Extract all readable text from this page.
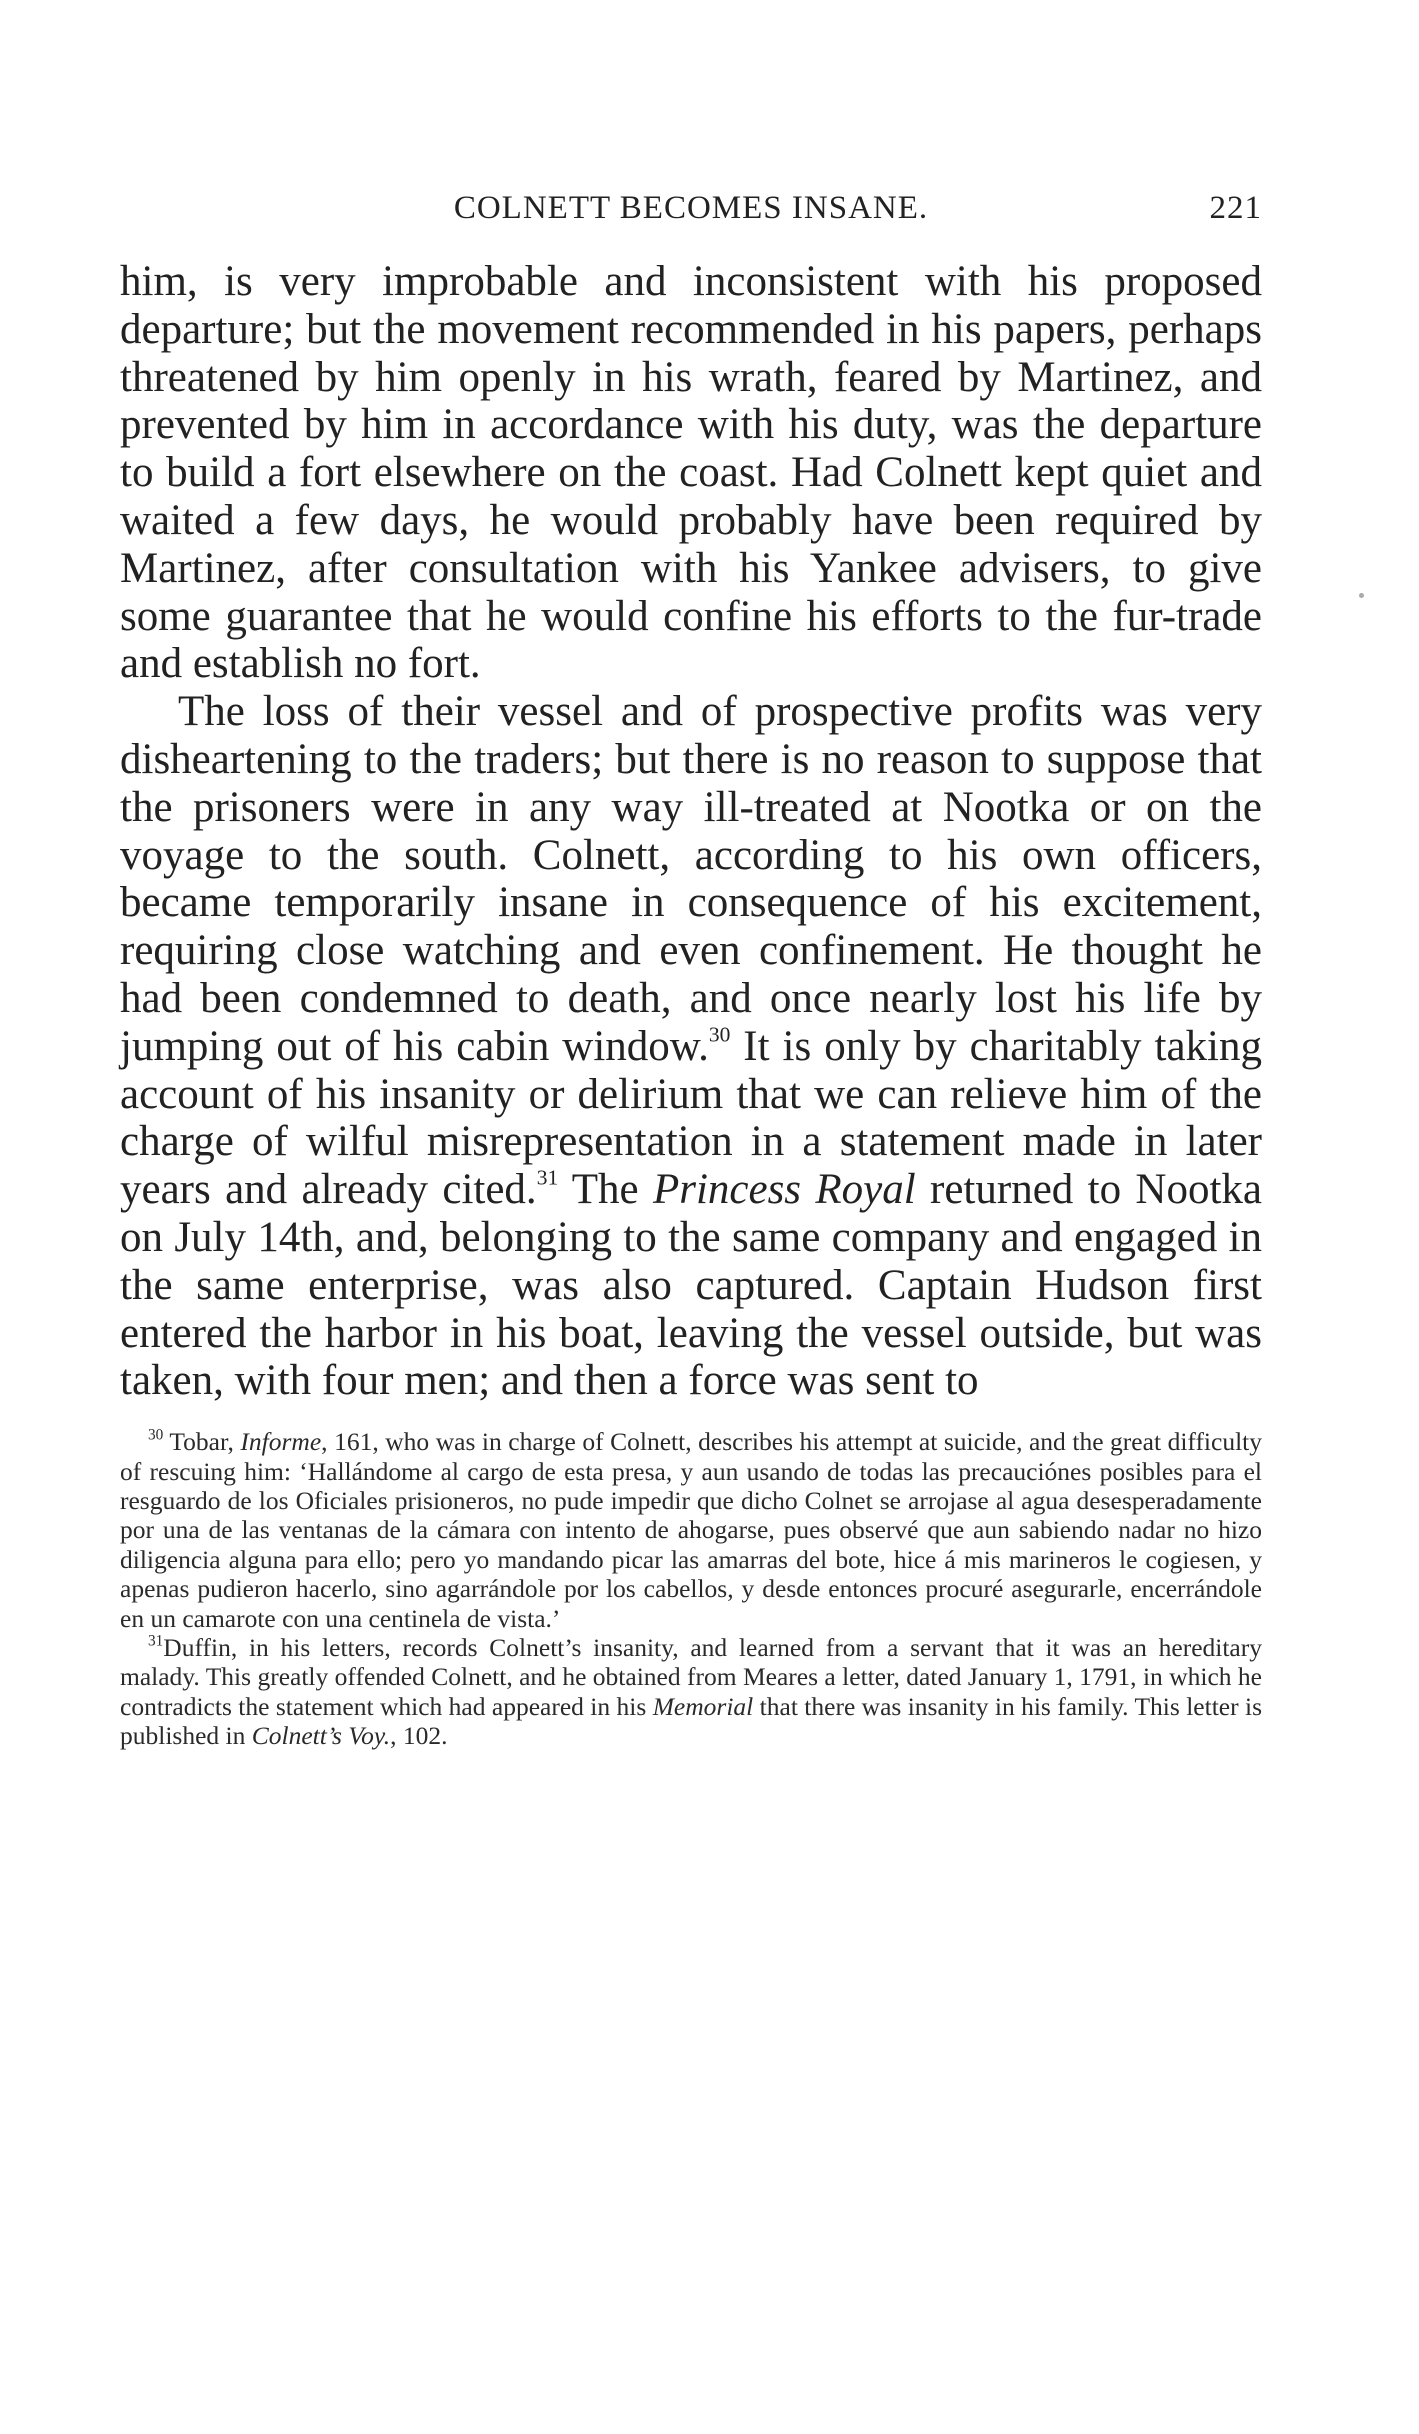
COLNETT BECOMES INSANE.	221

him, is very improbable and inconsistent with his proposed departure; but the movement recommended in his papers, perhaps threatened by him openly in his wrath, feared by Martinez, and prevented by him in accordance with his duty, was the departure to build a fort elsewhere on the coast. Had Colnett kept quiet and waited a few days, he would probably have been required by Martinez, after consultation with his Yankee advisers, to give some guarantee that he would confine his efforts to the fur-trade and establish no fort.

The loss of their vessel and of prospective profits was very disheartening to the traders; but there is no reason to suppose that the prisoners were in any way ill-treated at Nootka or on the voyage to the south. Colnett, according to his own officers, became temporarily insane in consequence of his excitement, requiring close watching and even confinement. He thought he had been condemned to death, and once nearly lost his life by jumping out of his cabin window.$^{30}$ It is only by charitably taking account of his insanity or delirium that we can relieve him of the charge of wilful misrepresentation in a statement made in later years and already cited.$^{31}$ The Princess Royal returned to Nootka on July 14th, and, belonging to the same company and engaged in the same enterprise, was also captured. Captain Hudson first entered the harbor in his boat, leaving the vessel outside, but was taken, with four men; and then a force was sent to

$^{30}$ Tobar, Informe, 161, who was in charge of Colnett, describes his attempt at suicide, and the great difficulty of rescuing him: ‘Hallándome al cargo de esta presa, y aun usando de todas las precauciónes posibles para el resguardo de los Oficiales prisioneros, no pude impedir que dicho Colnet se arrojase al agua desesperadamente por una de las ventanas de la cámara con intento de ahogarse, pues observé que aun sabiendo nadar no hizo diligencia alguna para ello; pero yo mandando picar las amarras del bote, hice á mis marineros le cogiesen, y apenas pudieron hacerlo, sino agarrándole por los cabellos, y desde entonces procuré asegurarle, encerrándole en un camarote con una centinela de vista.’

$^{31}$Duffin, in his letters, records Colnett’s insanity, and learned from a servant that it was an hereditary malady. This greatly offended Colnett, and he obtained from Meares a letter, dated January 1, 1791, in which he contradicts the statement which had appeared in his Memorial that there was insanity in his family. This letter is published in Colnett’s Voy., 102.
